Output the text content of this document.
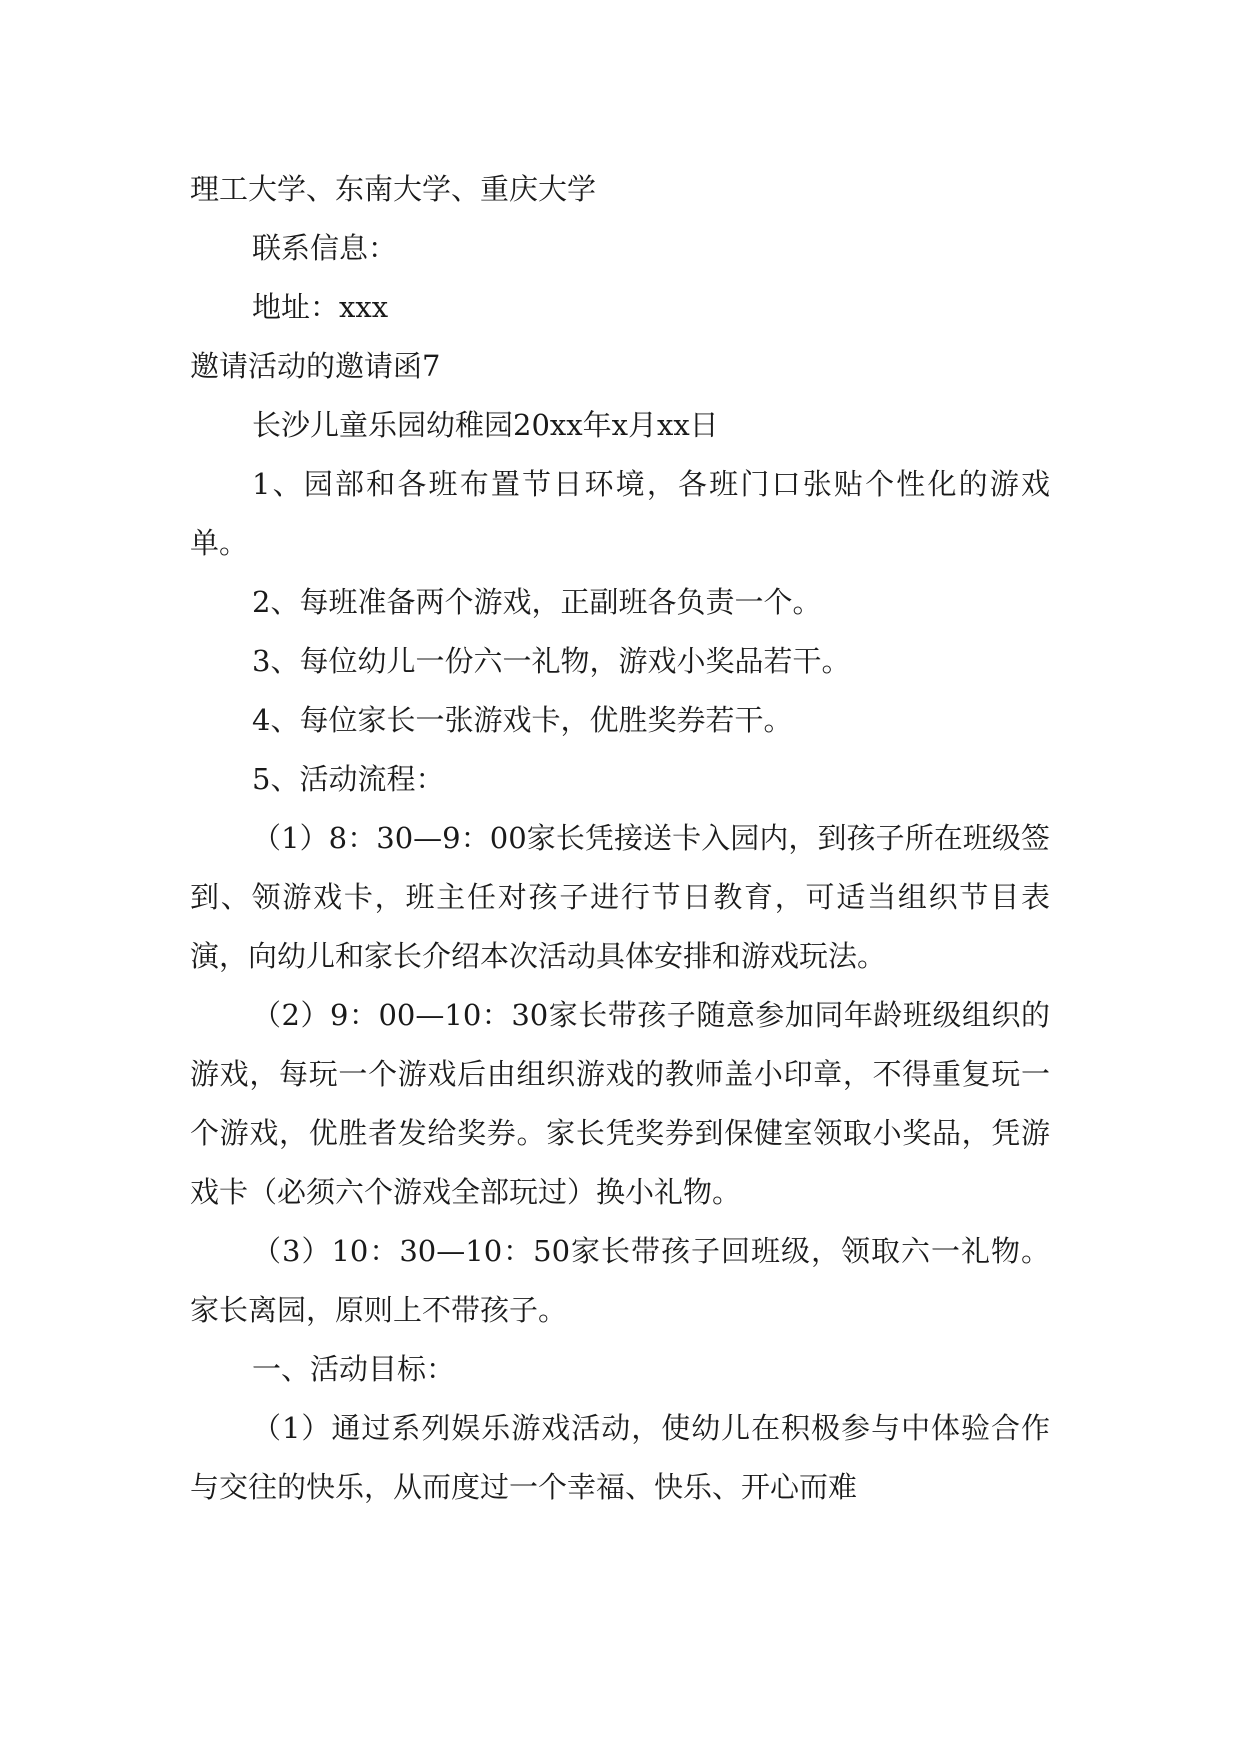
理工大学、东南大学、重庆大学

联系信息：

地址：xxx

邀请活动的邀请函7

长沙儿童乐园幼稚园20xx年x月xx日

1、园部和各班布置节日环境，各班门口张贴个性化的游戏单。

2、每班准备两个游戏，正副班各负责一个。

3、每位幼儿一份六一礼物，游戏小奖品若干。

4、每位家长一张游戏卡，优胜奖券若干。

5、活动流程：

（1）8：30—9：00家长凭接送卡入园内，到孩子所在班级签到、领游戏卡，班主任对孩子进行节日教育，可适当组织节目表演，向幼儿和家长介绍本次活动具体安排和游戏玩法。

（2）9：00—10：30家长带孩子随意参加同年龄班级组织的游戏，每玩一个游戏后由组织游戏的教师盖小印章，不得重复玩一个游戏，优胜者发给奖券。家长凭奖券到保健室领取小奖品，凭游戏卡（必须六个游戏全部玩过）换小礼物。

（3）10：30—10：50家长带孩子回班级，领取六一礼物。家长离园，原则上不带孩子。

一、活动目标：

（1）通过系列娱乐游戏活动，使幼儿在积极参与中体验合作与交往的快乐，从而度过一个幸福、快乐、开心而难
